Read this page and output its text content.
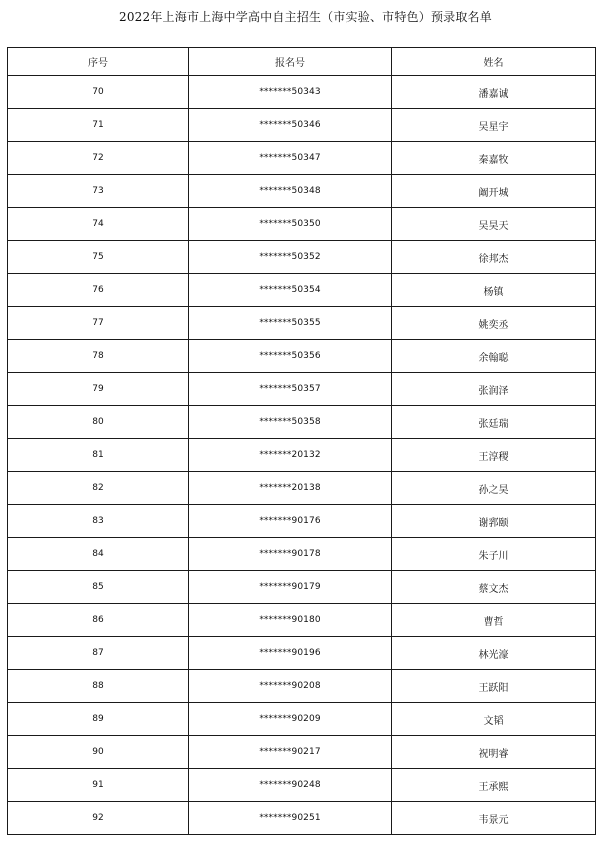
2022年上海市上海中学高中自主招生（市实验、市特色）预录取名单
序号	报名号	姓名
70	*******50343	潘嘉诚
71	*******50346	吴星宇
72	*******50347	秦嘉牧
73	*******50348	阚开城
74	*******50350	吴昊天
75	*******50352	徐邦杰
76	*******50354	杨镇
77	*******50355	姚奕丞
78	*******50356	余翰聪
79	*******50357	张润泽
80	*******50358	张廷瑞
81	*******20132	王淳稷
82	*******20138	孙之昊
83	*******90176	谢郛颐
84	*******90178	朱子川
85	*******90179	蔡文杰
86	*******90180	曹哲
87	*******90196	林光濠
88	*******90208	王跃阳
89	*******90209	文韬
90	*******90217	祝明睿
91	*******90248	王承熙
92	*******90251	韦景元
